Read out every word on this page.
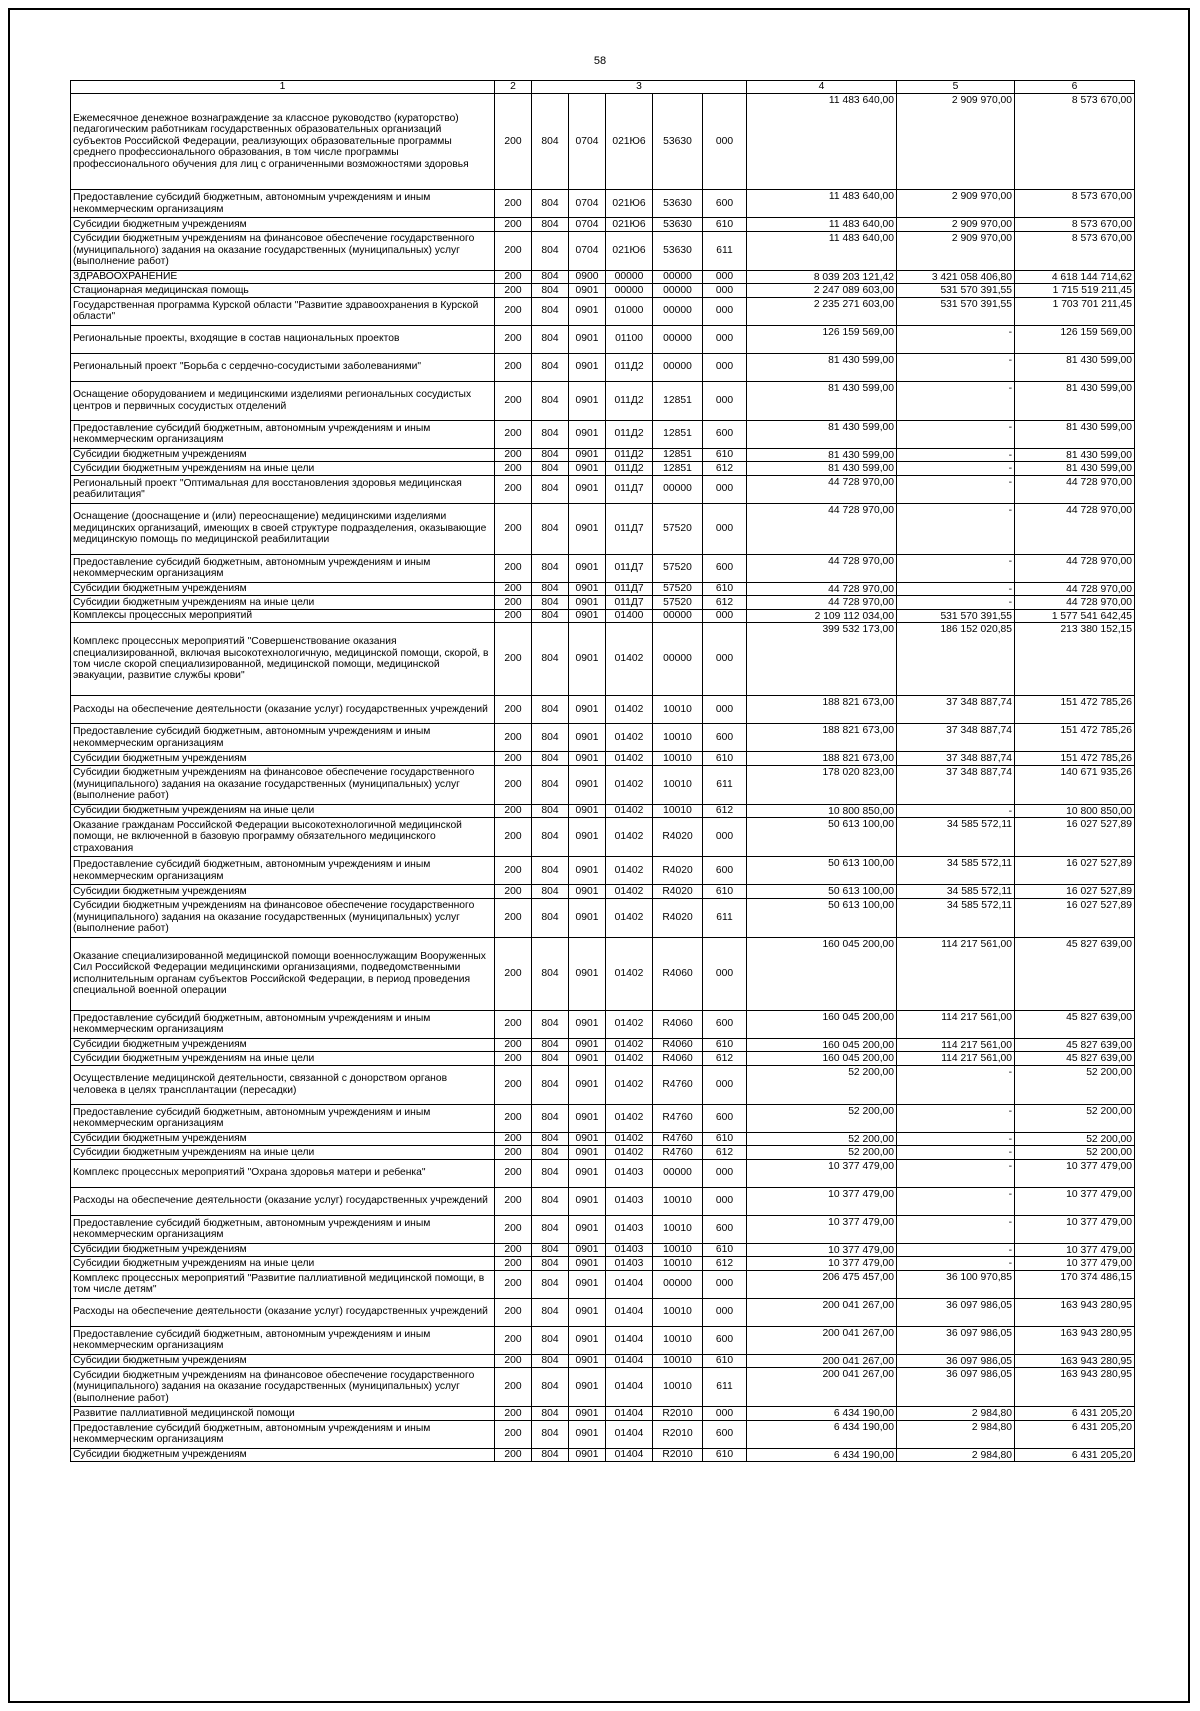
58
1	2	3					4	5	6
Ежемесячное денежное вознаграждение за классное руководство (кураторство) педагогическим работникам государственных образовательных организаций субъектов Российской Федерации, реализующих образовательные программы среднего профессионального образования, в том числе программы профессионального обучения для лиц с ограниченными возможностями здоровья	200	804	0704	021Ю6	53630	000	11 483 640,00	2 909 970,00	8 573 670,00
Предоставление субсидий бюджетным, автономным учреждениям и иным некоммерческим организациям	200	804	0704	021Ю6	53630	600	11 483 640,00	2 909 970,00	8 573 670,00
Субсидии бюджетным учреждениям	200	804	0704	021Ю6	53630	610	11 483 640,00	2 909 970,00	8 573 670,00
Субсидии бюджетным учреждениям на финансовое обеспечение государственного (муниципального) задания на оказание государственных (муниципальных) услуг (выполнение работ)	200	804	0704	021Ю6	53630	611	11 483 640,00	2 909 970,00	8 573 670,00
ЗДРАВООХРАНЕНИЕ	200	804	0900	00000	00000	000	8 039 203 121,42	3 421 058 406,80	4 618 144 714,62
Стационарная медицинская помощь	200	804	0901	00000	00000	000	2 247 089 603,00	531 570 391,55	1 715 519 211,45
Государственная программа Курской области "Развитие здравоохранения в Курской области"	200	804	0901	01000	00000	000	2 235 271 603,00	531 570 391,55	1 703 701 211,45
Региональные проекты, входящие в состав национальных проектов	200	804	0901	01100	00000	000	126 159 569,00	-	126 159 569,00
Региональный проект "Борьба с сердечно-сосудистыми заболеваниями"	200	804	0901	011Д2	00000	000	81 430 599,00	-	81 430 599,00
Оснащение оборудованием и медицинскими изделиями региональных сосудистых центров и первичных сосудистых отделений	200	804	0901	011Д2	12851	000	81 430 599,00	-	81 430 599,00
Предоставление субсидий бюджетным, автономным учреждениям и иным некоммерческим организациям	200	804	0901	011Д2	12851	600	81 430 599,00	-	81 430 599,00
Субсидии бюджетным учреждениям	200	804	0901	011Д2	12851	610	81 430 599,00	-	81 430 599,00
Субсидии бюджетным учреждениям на иные цели	200	804	0901	011Д2	12851	612	81 430 599,00	-	81 430 599,00
Региональный проект "Оптимальная для восстановления здоровья медицинская реабилитация"	200	804	0901	011Д7	00000	000	44 728 970,00	-	44 728 970,00
Оснащение (дооснащение и (или) переоснащение) медицинскими изделиями медицинских организаций, имеющих в своей структуре подразделения, оказывающие медицинскую помощь по медицинской реабилитации	200	804	0901	011Д7	57520	000	44 728 970,00	-	44 728 970,00
Предоставление субсидий бюджетным, автономным учреждениям и иным некоммерческим организациям	200	804	0901	011Д7	57520	600	44 728 970,00	-	44 728 970,00
Субсидии бюджетным учреждениям	200	804	0901	011Д7	57520	610	44 728 970,00	-	44 728 970,00
Субсидии бюджетным учреждениям на иные цели	200	804	0901	011Д7	57520	612	44 728 970,00	-	44 728 970,00
Комплексы процессных мероприятий	200	804	0901	01400	00000	000	2 109 112 034,00	531 570 391,55	1 577 541 642,45
Комплекс процессных мероприятий "Совершенствование оказания специализированной, включая высокотехнологичную, медицинской помощи, скорой, в том числе скорой специализированной, медицинской помощи, медицинской эвакуации, развитие службы крови"	200	804	0901	01402	00000	000	399 532 173,00	186 152 020,85	213 380 152,15
Расходы на обеспечение деятельности (оказание услуг) государственных учреждений	200	804	0901	01402	10010	000	188 821 673,00	37 348 887,74	151 472 785,26
Предоставление субсидий бюджетным, автономным учреждениям и иным некоммерческим организациям	200	804	0901	01402	10010	600	188 821 673,00	37 348 887,74	151 472 785,26
Субсидии бюджетным учреждениям	200	804	0901	01402	10010	610	188 821 673,00	37 348 887,74	151 472 785,26
Субсидии бюджетным учреждениям на финансовое обеспечение государственного (муниципального) задания на оказание государственных (муниципальных) услуг (выполнение работ)	200	804	0901	01402	10010	611	178 020 823,00	37 348 887,74	140 671 935,26
Субсидии бюджетным учреждениям на иные цели	200	804	0901	01402	10010	612	10 800 850,00	-	10 800 850,00
Оказание гражданам Российской Федерации высокотехнологичной медицинской помощи, не включенной в базовую программу обязательного медицинского страхования	200	804	0901	01402	R4020	000	50 613 100,00	34 585 572,11	16 027 527,89
Предоставление субсидий бюджетным, автономным учреждениям и иным некоммерческим организациям	200	804	0901	01402	R4020	600	50 613 100,00	34 585 572,11	16 027 527,89
Субсидии бюджетным учреждениям	200	804	0901	01402	R4020	610	50 613 100,00	34 585 572,11	16 027 527,89
Субсидии бюджетным учреждениям на финансовое обеспечение государственного (муниципального) задания на оказание государственных (муниципальных) услуг (выполнение работ)	200	804	0901	01402	R4020	611	50 613 100,00	34 585 572,11	16 027 527,89
Оказание специализированной медицинской помощи военнослужащим Вооруженных Сил Российской Федерации медицинскими организациями, подведомственными исполнительным органам субъектов Российской Федерации, в период проведения специальной военной операции	200	804	0901	01402	R4060	000	160 045 200,00	114 217 561,00	45 827 639,00
Предоставление субсидий бюджетным, автономным учреждениям и иным некоммерческим организациям	200	804	0901	01402	R4060	600	160 045 200,00	114 217 561,00	45 827 639,00
Субсидии бюджетным учреждениям	200	804	0901	01402	R4060	610	160 045 200,00	114 217 561,00	45 827 639,00
Субсидии бюджетным учреждениям на иные цели	200	804	0901	01402	R4060	612	160 045 200,00	114 217 561,00	45 827 639,00
Осуществление медицинской деятельности, связанной с донорством органов человека в целях трансплантации (пересадки)	200	804	0901	01402	R4760	000	52 200,00	-	52 200,00
Предоставление субсидий бюджетным, автономным учреждениям и иным некоммерческим организациям	200	804	0901	01402	R4760	600	52 200,00	-	52 200,00
Субсидии бюджетным учреждениям	200	804	0901	01402	R4760	610	52 200,00	-	52 200,00
Субсидии бюджетным учреждениям на иные цели	200	804	0901	01402	R4760	612	52 200,00	-	52 200,00
Комплекс процессных мероприятий "Охрана здоровья матери и ребенка"	200	804	0901	01403	00000	000	10 377 479,00	-	10 377 479,00
Расходы на обеспечение деятельности (оказание услуг) государственных учреждений	200	804	0901	01403	10010	000	10 377 479,00	-	10 377 479,00
Предоставление субсидий бюджетным, автономным учреждениям и иным некоммерческим организациям	200	804	0901	01403	10010	600	10 377 479,00	-	10 377 479,00
Субсидии бюджетным учреждениям	200	804	0901	01403	10010	610	10 377 479,00	-	10 377 479,00
Субсидии бюджетным учреждениям на иные цели	200	804	0901	01403	10010	612	10 377 479,00	-	10 377 479,00
Комплекс процессных мероприятий "Развитие паллиативной медицинской помощи, в том числе детям"	200	804	0901	01404	00000	000	206 475 457,00	36 100 970,85	170 374 486,15
Расходы на обеспечение деятельности (оказание услуг) государственных учреждений	200	804	0901	01404	10010	000	200 041 267,00	36 097 986,05	163 943 280,95
Предоставление субсидий бюджетным, автономным учреждениям и иным некоммерческим организациям	200	804	0901	01404	10010	600	200 041 267,00	36 097 986,05	163 943 280,95
Субсидии бюджетным учреждениям	200	804	0901	01404	10010	610	200 041 267,00	36 097 986,05	163 943 280,95
Субсидии бюджетным учреждениям на финансовое обеспечение государственного (муниципального) задания на оказание государственных (муниципальных) услуг (выполнение работ)	200	804	0901	01404	10010	611	200 041 267,00	36 097 986,05	163 943 280,95
Развитие паллиативной медицинской помощи	200	804	0901	01404	R2010	000	6 434 190,00	2 984,80	6 431 205,20
Предоставление субсидий бюджетным, автономным учреждениям и иным некоммерческим организациям	200	804	0901	01404	R2010	600	6 434 190,00	2 984,80	6 431 205,20
Субсидии бюджетным учреждениям	200	804	0901	01404	R2010	610	6 434 190,00	2 984,80	6 431 205,20
